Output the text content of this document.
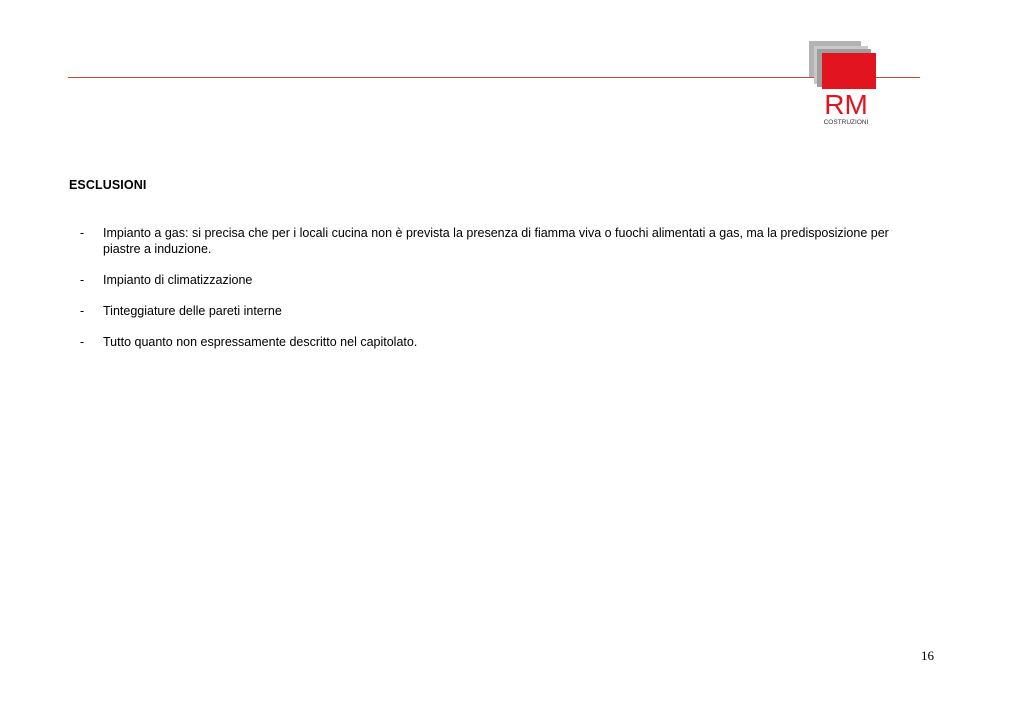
RM
COSTRUZIONI
ESCLUSIONI
- Impianto a gas: si precisa che per i locali cucina non è prevista la presenza di fiamma viva o fuochi alimentati a gas, ma la predisposizione per piastre a induzione.
- Impianto di climatizzazione
- Tinteggiature delle pareti interne
- Tutto quanto non espressamente descritto nel capitolato.
16
